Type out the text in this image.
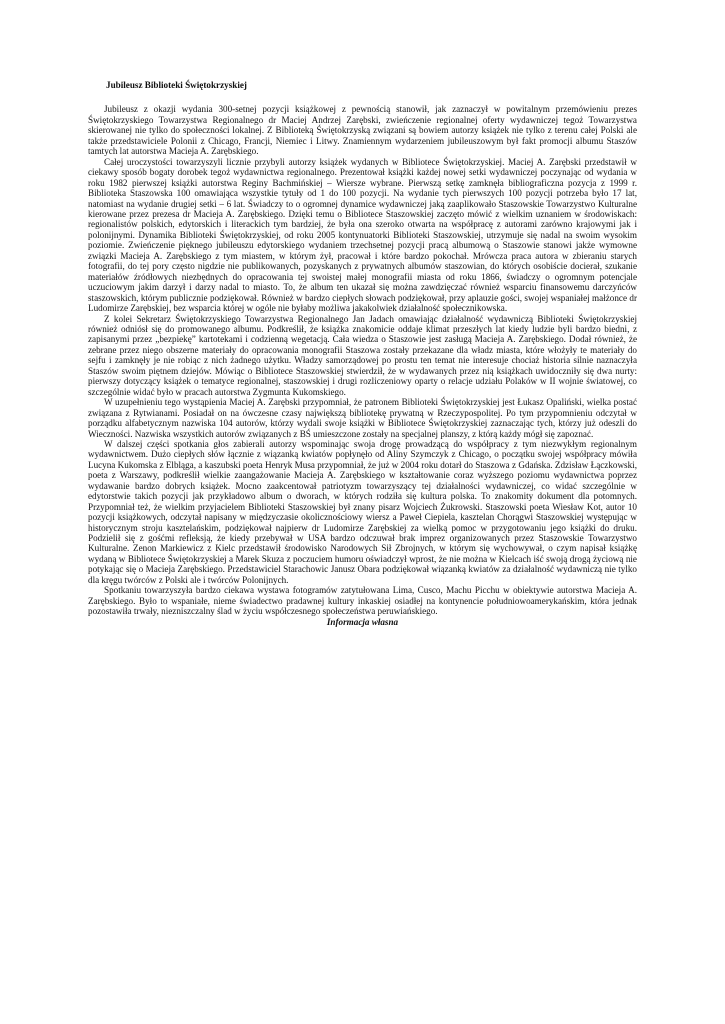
Jubileusz Biblioteki Świętokrzyskiej

Jubileusz z okazji wydania 300-setnej pozycji książkowej z pewnością stanowił, jak zaznaczył w powitalnym przemówieniu prezes Świętokrzyskiego Towarzystwa Regionalnego dr Maciej Andrzej Zarębski, zwieńczenie regionalnej oferty wydawniczej tegoż Towarzystwa skierowanej nie tylko do społeczności lokalnej. Z Biblioteką Świętokrzyską związani są bowiem autorzy książek nie tylko z terenu całej Polski ale także przedstawiciele Polonii z Chicago, Francji, Niemiec i Litwy. Znamiennym wydarzeniem jubileuszowym był fakt promocji albumu Staszów tamtych lat autorstwa Macieja A. Zarębskiego.

Całej uroczystości towarzyszyli licznie przybyli autorzy książek wydanych w Bibliotece Świętokrzyskiej. Maciej A. Zarębski przedstawił w ciekawy sposób bogaty dorobek tegoż wydawnictwa regionalnego. Prezentował książki każdej nowej setki wydawniczej poczynając od wydania w roku 1982 pierwszej książki autorstwa Reginy Bachmińskiej – Wiersze wybrane. Pierwszą setkę zamknęła bibliograficzna pozycja z 1999 r. Biblioteka Staszowska 100 omawiająca wszystkie tytuły od 1 do 100 pozycji. Na wydanie tych pierwszych 100 pozycji potrzeba było 17 lat, natomiast na wydanie drugiej setki – 6 lat. Świadczy to o ogromnej dynamice wydawniczej jaką zaaplikowało Staszowskie Towarzystwo Kulturalne kierowane przez prezesa dr Macieja A. Zarębskiego. Dzięki temu o Bibliotece Staszowskiej zaczęto mówić z wielkim uznaniem w środowiskach: regionalistów polskich, edytorskich i literackich tym bardziej, że była ona szeroko otwarta na współpracę z autorami zarówno krajowymi jak i polonijnymi. Dynamika Biblioteki Świętokrzyskiej, od roku 2005 kontynuatorki Biblioteki Staszowskiej, utrzymuje się nadal na swoim wysokim poziomie. Zwieńczenie pięknego jubileuszu edytorskiego wydaniem trzechsetnej pozycji pracą albumową o Staszowie stanowi jakże wymowne związki Macieja A. Zarębskiego z tym miastem, w którym żył, pracował i które bardzo pokochał. Mrówcza praca autora w zbieraniu starych fotografii, do tej pory często nigdzie nie publikowanych, pozyskanych z prywatnych albumów staszowian, do których osobiście docierał, szukanie materiałów źródłowych niezbędnych do opracowania tej swoistej małej monografii miasta od roku 1866, świadczy o ogromnym potencjale uczuciowym jakim darzył i darzy nadal to miasto. To, że album ten ukazał się można zawdzięczać również wsparciu finansowemu darczyńców staszowskich, którym publicznie podziękował. Również w bardzo ciepłych słowach podziękował, przy aplauzie gości, swojej wspaniałej małżonce dr Ludomirze Zarębskiej, bez wsparcia której w ogóle nie byłaby możliwa jakakolwiek działalność społecznikowska.

Z kolei Sekretarz Świętokrzyskiego Towarzystwa Regionalnego Jan Jadach omawiając działalność wydawniczą Biblioteki Świętokrzyskiej również odniósł się do promowanego albumu. Podkreślił, że książka znakomicie oddaje klimat przeszłych lat kiedy ludzie byli bardzo biedni, z zapisanymi przez „bezpiekę” kartotekami i codzienną wegetacją. Cała wiedza o Staszowie jest zasługą Macieja A. Zarębskiego. Dodał również, że zebrane przez niego obszerne materiały do opracowania monografii Staszowa zostały przekazane dla władz miasta, które włożyły te materiały do sejfu i zamknęły je nie robiąc z nich żadnego użytku. Władzy samorządowej po prostu ten temat nie interesuje chociaż historia silnie naznaczyła Staszów swoim piętnem dziejów. Mówiąc o Bibliotece Staszowskiej stwierdził, że w wydawanych przez nią książkach uwidoczniły się dwa nurty: pierwszy dotyczący książek o tematyce regionalnej, staszowskiej i drugi rozliczeniowy oparty o relacje udziału Polaków w II wojnie światowej, co szczególnie widać było w pracach autorstwa Zygmunta Kukomskiego.

W uzupełnieniu tego wystąpienia Maciej A. Zarębski przypomniał, że patronem Biblioteki Świętokrzyskiej jest Łukasz Opaliński, wielka postać związana z Rytwianami. Posiadał on na ówczesne czasy największą bibliotekę prywatną w Rzeczypospolitej. Po tym przypomnieniu odczytał w porządku alfabetycznym nazwiska 104 autorów, którzy wydali swoje książki w Bibliotece Świętokrzyskiej zaznaczając tych, którzy już odeszli do Wieczności. Nazwiska wszystkich autorów związanych z BŚ umieszczone zostały na specjalnej planszy, z którą każdy mógł się zapoznać.

W dalszej części spotkania głos zabierali autorzy wspominając swoja drogę prowadzącą do współpracy z tym niezwykłym regionalnym wydawnictwem. Dużo ciepłych słów łącznie z wiązanką kwiatów popłynęło od Aliny Szymczyk z Chicago, o początku swojej współpracy mówiła Lucyna Kukomska z Elbląga, a kaszubski poeta Henryk Musa przypomniał, że już w 2004 roku dotarł do Staszowa z Gdańska. Zdzisław Łączkowski, poeta z Warszawy, podkreślił wielkie zaangażowanie Macieja A. Zarębskiego w kształtowanie coraz wyższego poziomu wydawnictwa poprzez wydawanie bardzo dobrych książek. Mocno zaakcentował patriotyzm towarzyszący tej działalności wydawniczej, co widać szczególnie w edytorstwie takich pozycji jak przykładowo album o dworach, w których rodziła się kultura polska. To znakomity dokument dla potomnych. Przypomniał też, że wielkim przyjacielem Biblioteki Staszowskiej był znany pisarz Wojciech Żukrowski. Staszowski poeta Wiesław Kot, autor 10 pozycji książkowych, odczytał napisany w międzyczasie okolicznościowy wiersz a Paweł Ciepiela, kasztelan Chorągwi Staszowskiej występując w historycznym stroju kasztelańskim, podziękował najpierw dr Ludomirze Zarębskiej za wielką pomoc w przygotowaniu jego książki do druku. Podzielił się z gośćmi refleksją, że kiedy przebywał w USA bardzo odczuwał brak imprez organizowanych przez Staszowskie Towarzystwo Kulturalne. Zenon Markiewicz z Kielc przedstawił środowisko Narodowych Sił Zbrojnych, w którym się wychowywał, o czym napisał książkę wydaną w Bibliotece Świętokrzyskiej a Marek Skuza z poczuciem humoru oświadczył wprost, że nie można w Kielcach iść swoją drogą życiową nie potykając się o Macieja Zarębskiego. Przedstawiciel Starachowic Janusz Obara podziękował wiązanką kwiatów za działalność wydawniczą nie tylko dla kręgu twórców z Polski ale i twórców Polonijnych.

Spotkaniu towarzyszyła bardzo ciekawa wystawa fotogramów zatytułowana Lima, Cusco, Machu Picchu w obiektywie autorstwa Macieja A. Zarębskiego. Było to wspaniałe, nieme świadectwo pradawnej kultury inkaskiej osiadłej na kontynencie południowoamerykańskim, która jednak pozostawiła trwały, niezniszczalny ślad w życiu współczesnego społeczeństwa peruwiańskiego.

Informacja własna
